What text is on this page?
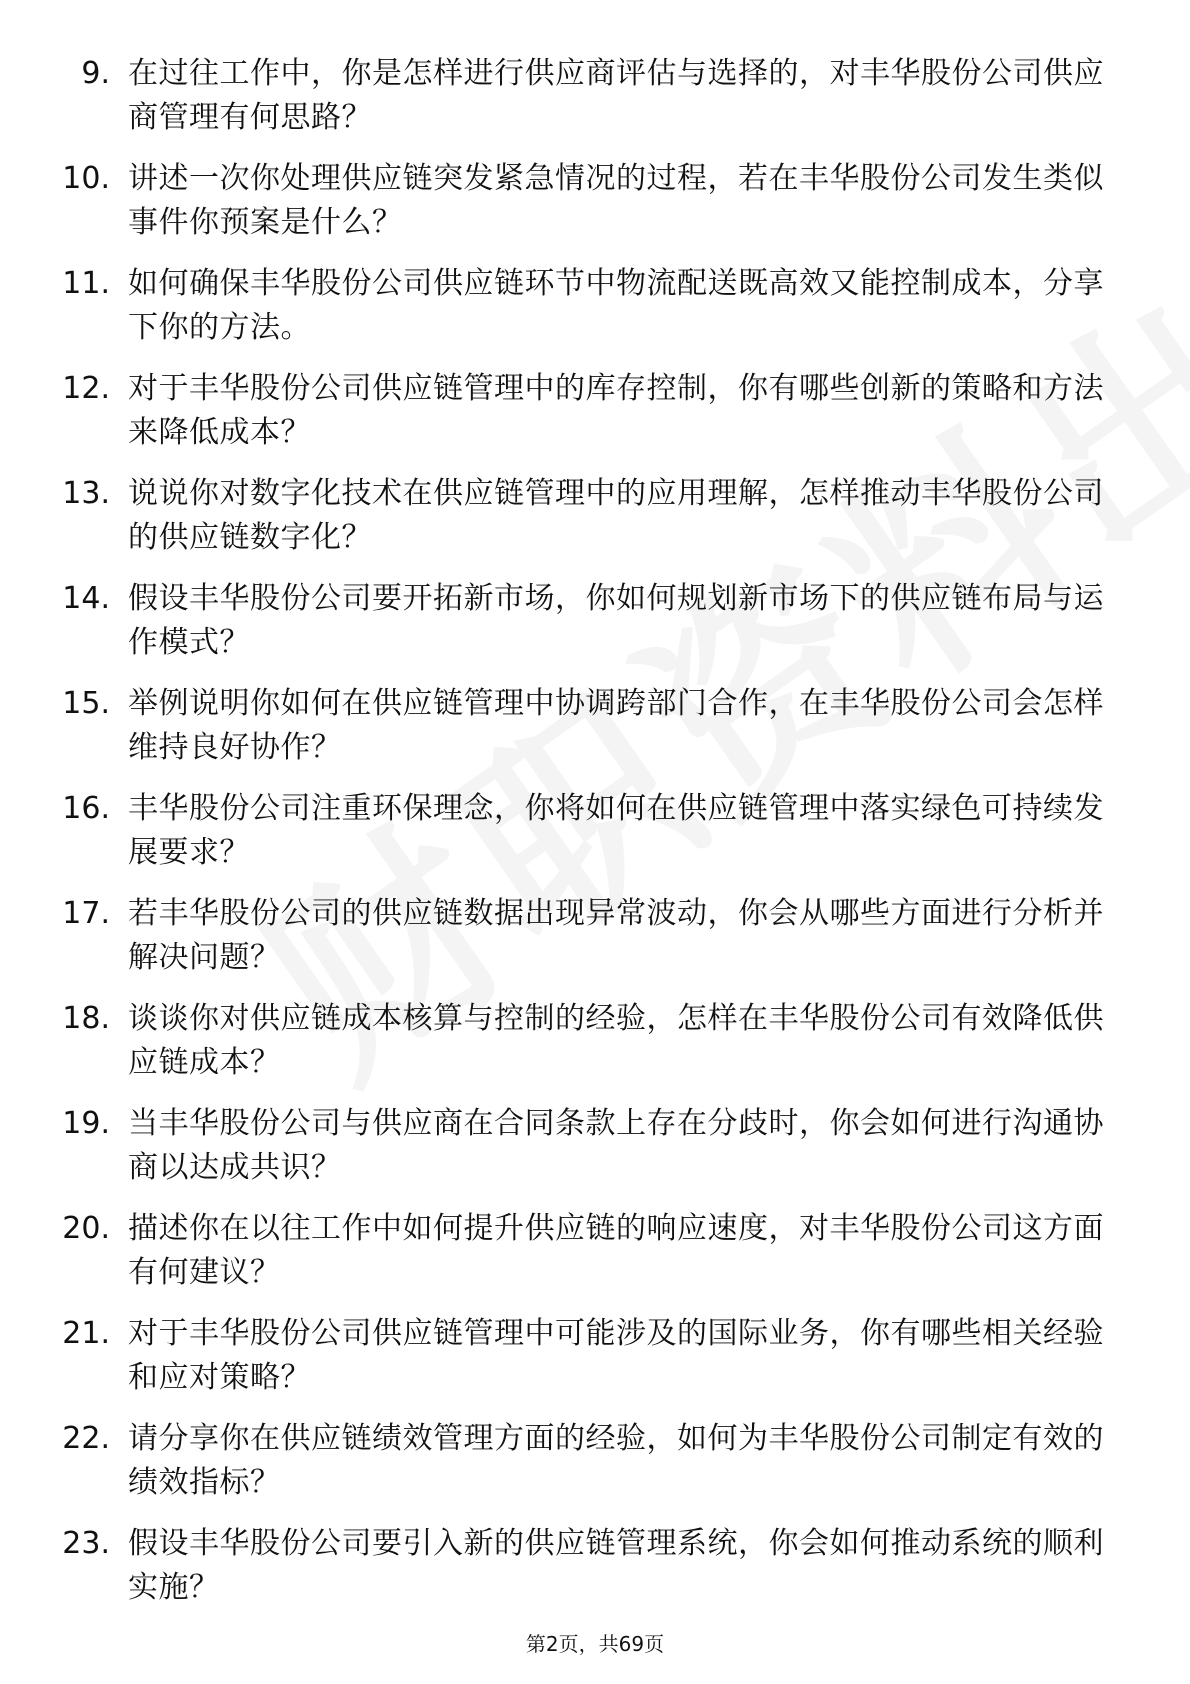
9. 在过往工作中，你是怎样进行供应商评估与选择的，对丰华股份公司供应商管理有何思路？
10. 讲述一次你处理供应链突发紧急情况的过程，若在丰华股份公司发生类似事件你预案是什么？
11. 如何确保丰华股份公司供应链环节中物流配送既高效又能控制成本，分享下你的方法。
12. 对于丰华股份公司供应链管理中的库存控制，你有哪些创新的策略和方法来降低成本？
13. 说说你对数字化技术在供应链管理中的应用理解，怎样推动丰华股份公司的供应链数字化？
14. 假设丰华股份公司要开拓新市场，你如何规划新市场下的供应链布局与运作模式？
15. 举例说明你如何在供应链管理中协调跨部门合作，在丰华股份公司会怎样维持良好协作？
16. 丰华股份公司注重环保理念，你将如何在供应链管理中落实绿色可持续发展要求？
17. 若丰华股份公司的供应链数据出现异常波动，你会从哪些方面进行分析并解决问题？
18. 谈谈你对供应链成本核算与控制的经验，怎样在丰华股份公司有效降低供应链成本？
19. 当丰华股份公司与供应商在合同条款上存在分歧时，你会如何进行沟通协商以达成共识？
20. 描述你在以往工作中如何提升供应链的响应速度，对丰华股份公司这方面有何建议？
21. 对于丰华股份公司供应链管理中可能涉及的国际业务，你有哪些相关经验和应对策略？
22. 请分享你在供应链绩效管理方面的经验，如何为丰华股份公司制定有效的绩效指标？
23. 假设丰华股份公司要引入新的供应链管理系统，你会如何推动系统的顺利实施？
第2页，共69页
